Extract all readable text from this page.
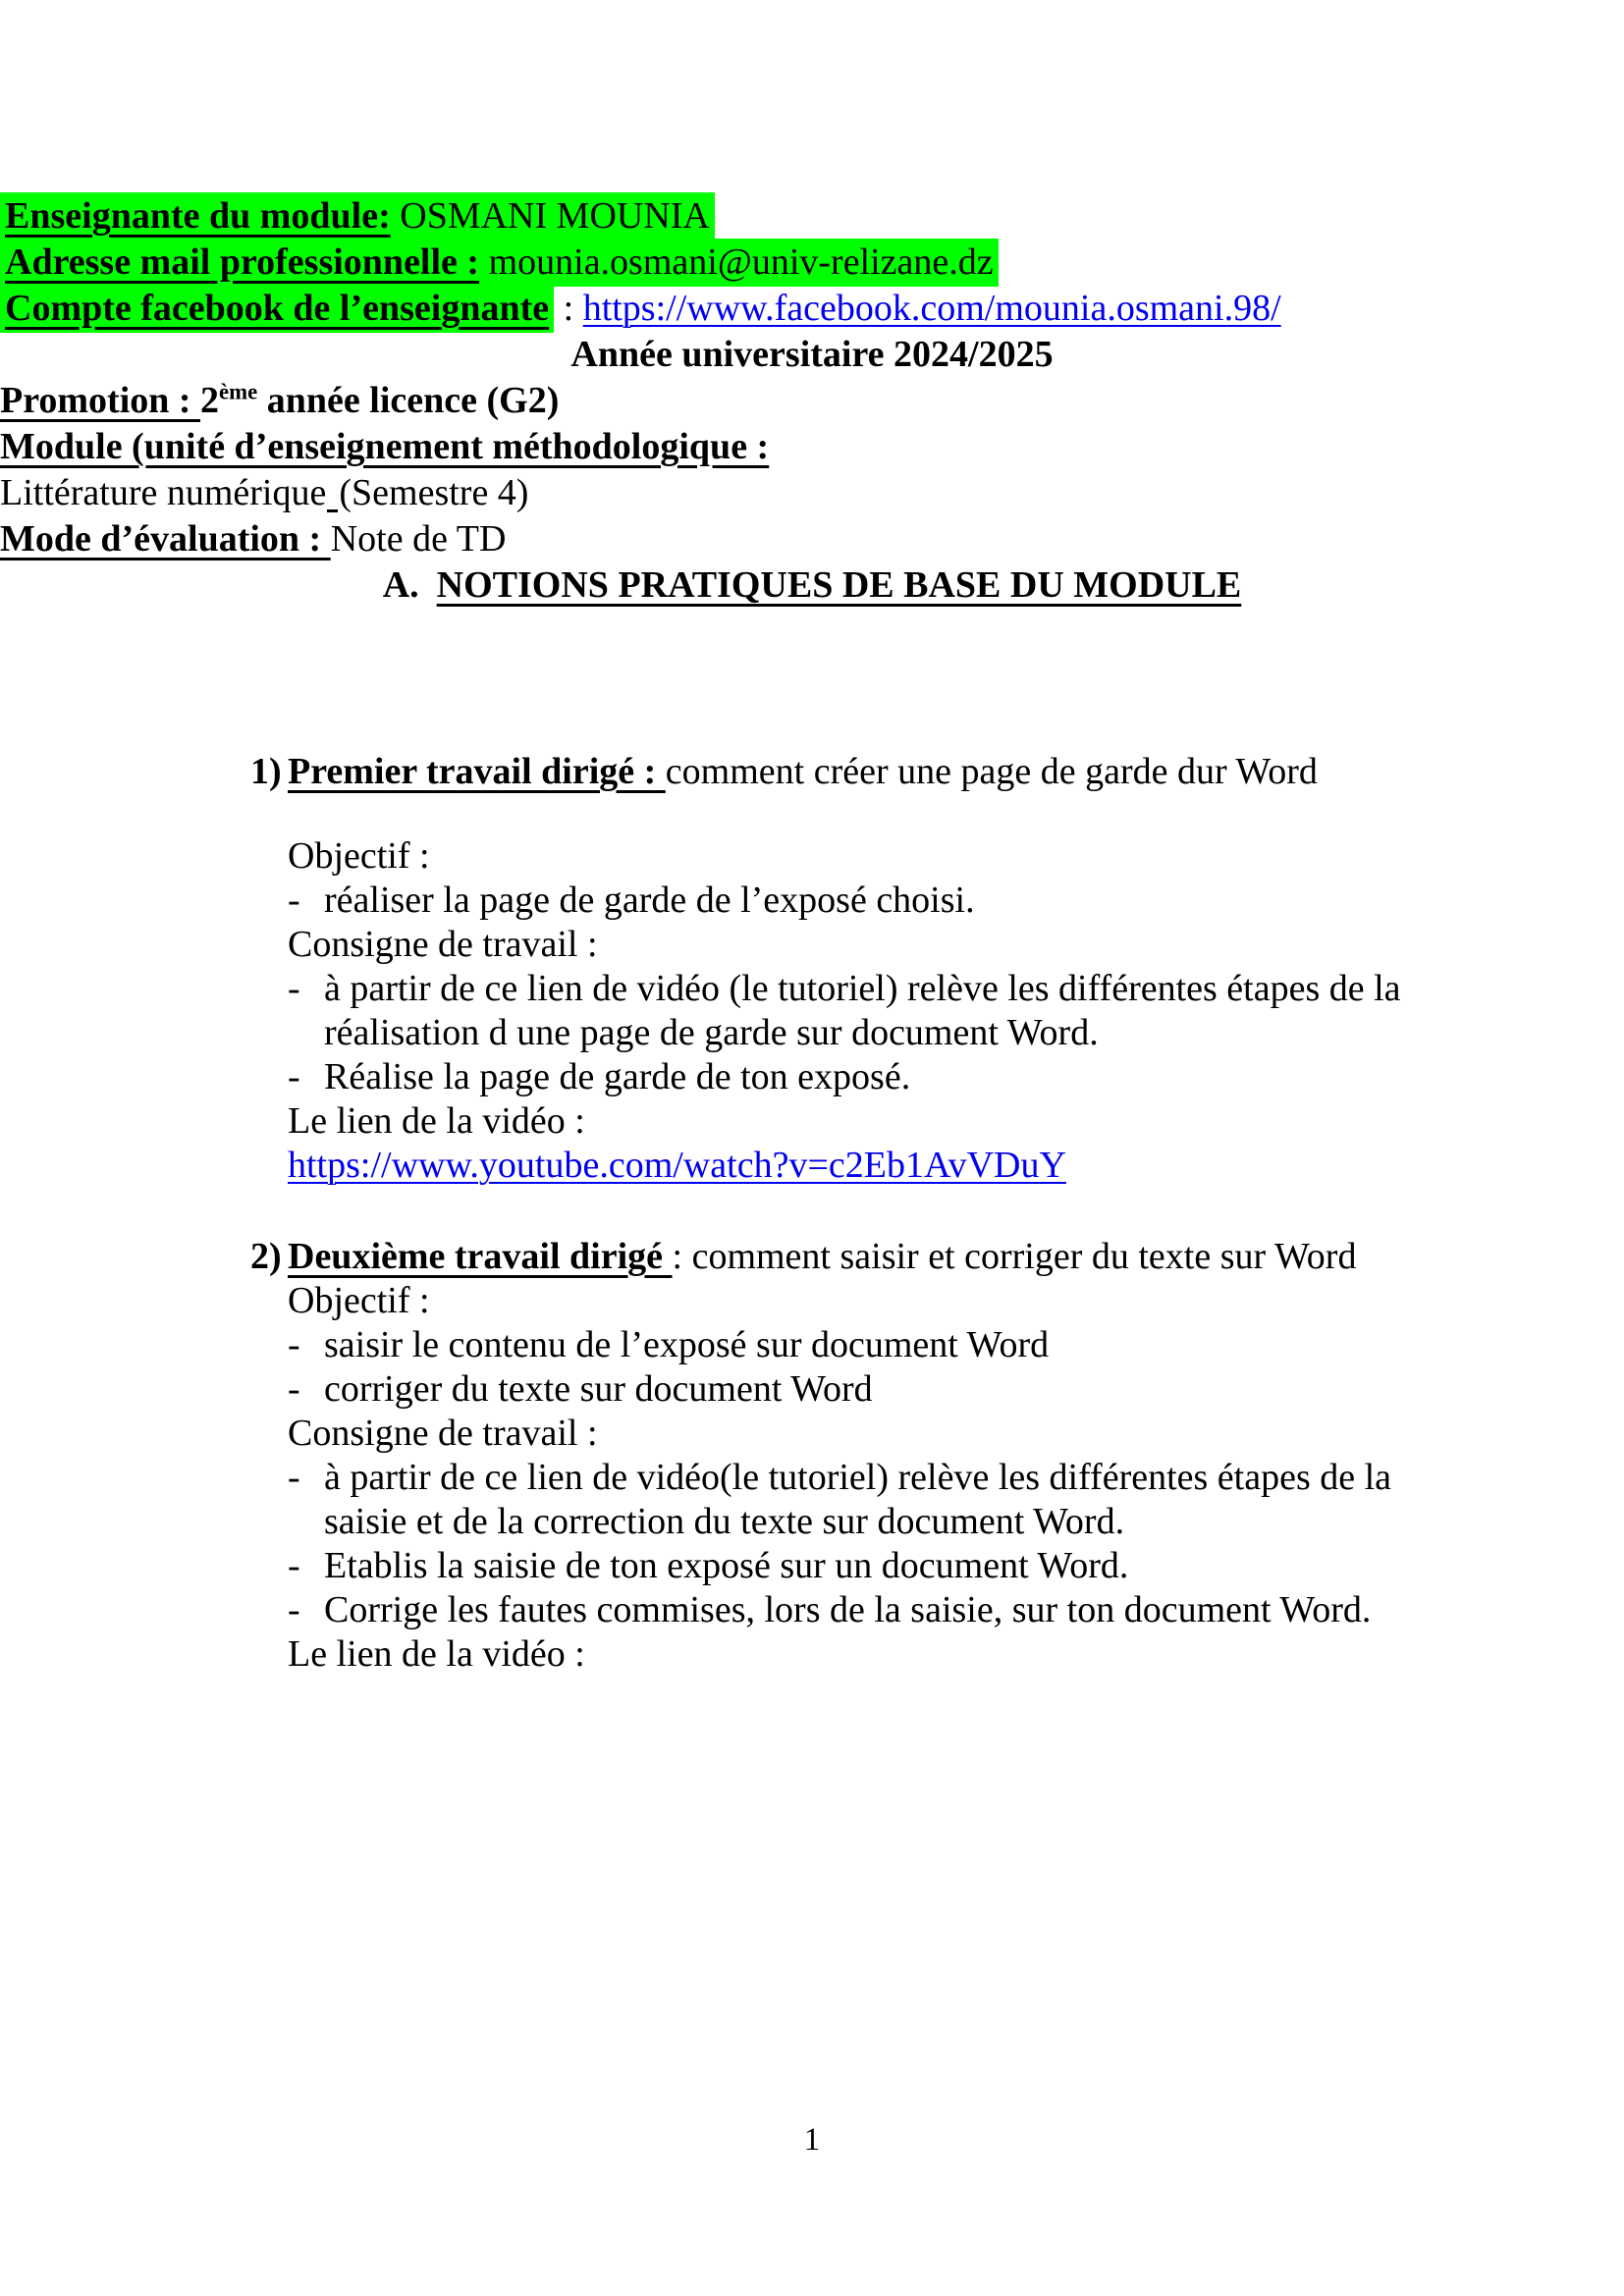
Enseignante du module: OSMANI MOUNIA

Adresse mail professionnelle : mounia.osmani@univ-relizane.dz

Compte facebook de l’enseignante : https://www.facebook.com/mounia.osmani.98/

Année universitaire 2024/2025

Promotion : 2ème année licence (G2)

Module (unité d’enseignement méthodologique :

Littérature numérique (Semestre 4)

Mode d’évaluation : Note de TD

A. NOTIONS PRATIQUES DE BASE DU MODULE

1) Premier travail dirigé : comment créer une page de garde dur Word

Objectif :

- réaliser la page de garde de l’exposé choisi.

Consigne de travail :

- à partir de ce lien de vidéo (le tutoriel) relève les différentes étapes de la réalisation d une page de garde sur document Word.
- Réalise la page de garde de ton exposé.

Le lien de la vidéo :

https://www.youtube.com/watch?v=c2Eb1AvVDuY

2) Deuxième travail dirigé : comment saisir et corriger du texte sur Word

Objectif :

- saisir le contenu de l’exposé sur document Word
- corriger du texte sur document Word

Consigne de travail :

- à partir de ce lien de vidéo(le tutoriel) relève les différentes étapes de la saisie et de la correction du texte sur document Word.
- Etablis la saisie de ton exposé sur un document Word.
- Corrige les fautes commises, lors de la saisie, sur ton document Word.

Le lien de la vidéo :

1
